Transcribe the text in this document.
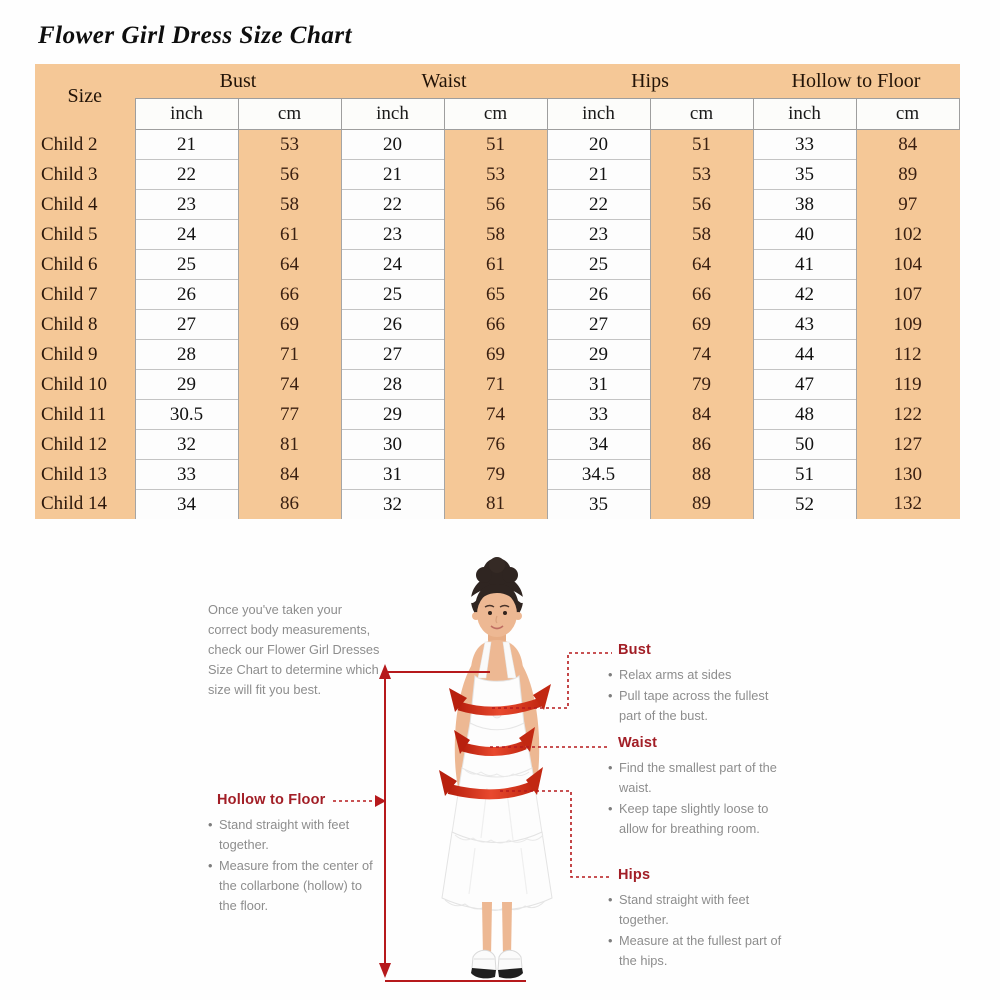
Flower Girl Dress Size Chart
Size	Bust		Waist		Hips		Hollow to Floor	
	inch	cm	inch	cm	inch	cm	inch	cm
Child 2	21	53	20	51	20	51	33	84
Child 3	22	56	21	53	21	53	35	89
Child 4	23	58	22	56	22	56	38	97
Child 5	24	61	23	58	23	58	40	102
Child 6	25	64	24	61	25	64	41	104
Child 7	26	66	25	65	26	66	42	107
Child 8	27	69	26	66	27	69	43	109
Child 9	28	71	27	69	29	74	44	112
Child 10	29	74	28	71	31	79	47	119
Child 11	30.5	77	29	74	33	84	48	122
Child 12	32	81	30	76	34	86	50	127
Child 13	33	84	31	79	34.5	88	51	130
Child 14	34	86	32	81	35	89	52	132
Once you've taken your correct body measurements, check our Flower Girl Dresses Size Chart to determine which size will fit you best.
Hollow to Floor
• Stand straight with feet together.
• Measure from the center of the collarbone (hollow) to the floor.
Bust
• Relax arms at sides
• Pull tape across the fullest part of the bust.
Waist
• Find the smallest part of the waist.
• Keep tape slightly loose to allow for breathing room.
Hips
• Stand straight with feet together.
• Measure at the fullest part of the hips.
